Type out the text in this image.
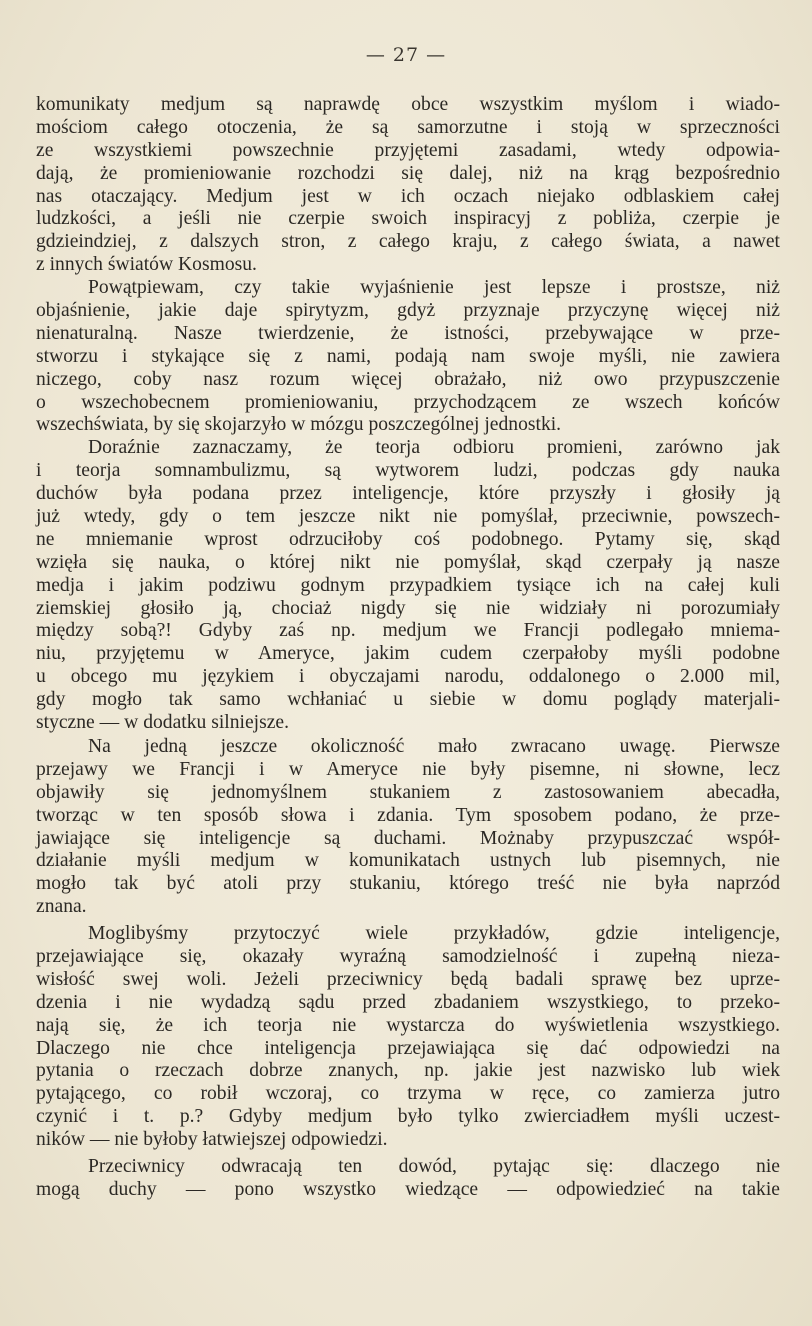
— 27 —
komunikaty medjum są naprawdę obce wszystkim myślom i wiado-
mościom całego otoczenia, że są samorzutne i stoją w sprzeczności
ze wszystkiemi powszechnie przyjętemi zasadami, wtedy odpowia-
dają, że promieniowanie rozchodzi się dalej, niż na krąg bezpośrednio
nas otaczający. Medjum jest w ich oczach niejako odblaskiem całej
ludzkości, a jeśli nie czerpie swoich inspiracyj z pobliża, czerpie je
gdzieindziej, z dalszych stron, z całego kraju, z całego świata, a nawet
z innych światów Kosmosu.
Powątpiewam, czy takie wyjaśnienie jest lepsze i prostsze, niż
objaśnienie, jakie daje spirytyzm, gdyż przyznaje przyczynę więcej niż
nienaturalną. Nasze twierdzenie, że istności, przebywające w prze-
stworzu i stykające się z nami, podają nam swoje myśli, nie zawiera
niczego, coby nasz rozum więcej obrażało, niż owo przypuszczenie
o wszechobecnem promieniowaniu, przychodzącem ze wszech końców
wszechświata, by się skojarzyło w mózgu poszczególnej jednostki.
Doraźnie zaznaczamy, że teorja odbioru promieni, zarówno jak
i teorja somnambulizmu, są wytworem ludzi, podczas gdy nauka
duchów była podana przez inteligencje, które przyszły i głosiły ją
już wtedy, gdy o tem jeszcze nikt nie pomyślał, przeciwnie, powszech-
ne mniemanie wprost odrzuciłoby coś podobnego. Pytamy się, skąd
wzięła się nauka, o której nikt nie pomyślał, skąd czerpały ją nasze
medja i jakim podziwu godnym przypadkiem tysiące ich na całej kuli
ziemskiej głosiło ją, chociaż nigdy się nie widziały ni porozumiały
między sobą?! Gdyby zaś np. medjum we Francji podlegało mniema-
niu, przyjętemu w Ameryce, jakim cudem czerpałoby myśli podobne
u obcego mu językiem i obyczajami narodu, oddalonego o 2.000 mil,
gdy mogło tak samo wchłaniać u siebie w domu poglądy materjali-
styczne — w dodatku silniejsze.
Na jedną jeszcze okoliczność mało zwracano uwagę. Pierwsze
przejawy we Francji i w Ameryce nie były pisemne, ni słowne, lecz
objawiły się jednomyślnem stukaniem z zastosowaniem abecadła,
tworząc w ten sposób słowa i zdania. Tym sposobem podano, że prze-
jawiające się inteligencje są duchami. Możnaby przypuszczać współ-
działanie myśli medjum w komunikatach ustnych lub pisemnych, nie
mogło tak być atoli przy stukaniu, którego treść nie była naprzód
znana.
Moglibyśmy przytoczyć wiele przykładów, gdzie inteligencje,
przejawiające się, okazały wyraźną samodzielność i zupełną nieza-
wisłość swej woli. Jeżeli przeciwnicy będą badali sprawę bez uprze-
dzenia i nie wydadzą sądu przed zbadaniem wszystkiego, to przeko-
nają się, że ich teorja nie wystarcza do wyświetlenia wszystkiego.
Dlaczego nie chce inteligencja przejawiająca się dać odpowiedzi na
pytania o rzeczach dobrze znanych, np. jakie jest nazwisko lub wiek
pytającego, co robił wczoraj, co trzyma w ręce, co zamierza jutro
czynić i t. p.? Gdyby medjum było tylko zwierciadłem myśli uczest-
ników — nie byłoby łatwiejszej odpowiedzi.
Przeciwnicy odwracają ten dowód, pytając się: dlaczego nie
mogą duchy — pono wszystko wiedzące — odpowiedzieć na takie
